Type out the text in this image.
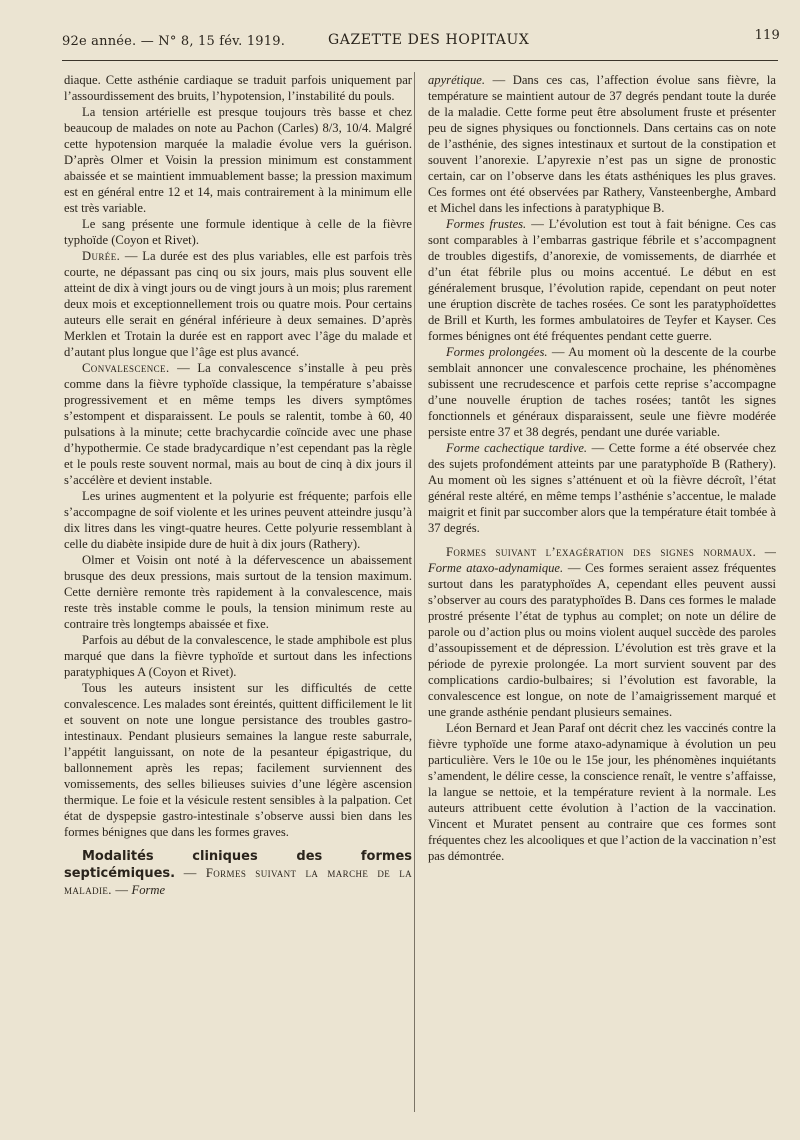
92e année. — N° 8, 15 fév. 1919.	GAZETTE DES HOPITAUX	119

diaque. Cette asthénie cardiaque se traduit parfois uniquement par l’assourdissement des bruits, l’hypotension, l’instabilité du pouls.

La tension artérielle est presque toujours très basse et chez beaucoup de malades on note au Pachon (Carles) 8/3, 10/4. Malgré cette hypotension marquée la maladie évolue vers la guérison. D’après Olmer et Voisin la pression minimum est constamment abaissée et se maintient immuablement basse; la pression maximum est en général entre 12 et 14, mais contrairement à la minimum elle est très variable.

Le sang présente une formule identique à celle de la fièvre typhoïde (Coyon et Rivet).

Durée. — La durée est des plus variables, elle est parfois très courte, ne dépassant pas cinq ou six jours, mais plus souvent elle atteint de dix à vingt jours ou de vingt jours à un mois; plus rarement deux mois et exceptionnellement trois ou quatre mois. Pour certains auteurs elle serait en général inférieure à deux semaines. D’après Merklen et Trotain la durée est en rapport avec l’âge du malade et d’autant plus longue que l’âge est plus avancé.

Convalescence. — La convalescence s’installe à peu près comme dans la fièvre typhoïde classique, la température s’abaisse progressivement et en même temps les divers symptômes s’estompent et disparaissent. Le pouls se ralentit, tombe à 60, 40 pulsations à la minute; cette brachycardie coïncide avec une phase d’hypothermie. Ce stade bradycardique n’est cependant pas la règle et le pouls reste souvent normal, mais au bout de cinq à dix jours il s’accélère et devient instable.

Les urines augmentent et la polyurie est fréquente; parfois elle s’accompagne de soif violente et les urines peuvent atteindre jusqu’à dix litres dans les vingt-quatre heures. Cette polyurie ressemblant à celle du diabète insipide dure de huit à dix jours (Rathery).

Olmer et Voisin ont noté à la défervescence un abaissement brusque des deux pressions, mais surtout de la tension maximum. Cette dernière remonte très rapidement à la convalescence, mais reste très instable comme le pouls, la tension minimum reste au contraire très longtemps abaissée et fixe.

Parfois au début de la convalescence, le stade amphibole est plus marqué que dans la fièvre typhoïde et surtout dans les infections paratyphiques A (Coyon et Rivet).

Tous les auteurs insistent sur les difficultés de cette convalescence. Les malades sont éreintés, quittent difficilement le lit et souvent on note une longue persistance des troubles gastro-intestinaux. Pendant plusieurs semaines la langue reste saburrale, l’appétit languissant, on note de la pesanteur épigastrique, du ballonnement après les repas; facilement surviennent des vomissements, des selles bilieuses suivies d’une légère ascension thermique. Le foie et la vésicule restent sensibles à la palpation. Cet état de dyspepsie gastro-intestinale s’observe aussi bien dans les formes bénignes que dans les formes graves.

Modalités cliniques des formes septicémiques. — Formes suivant la marche de la maladie. — Forme

apyrétique. — Dans ces cas, l’affection évolue sans fièvre, la température se maintient autour de 37 degrés pendant toute la durée de la maladie. Cette forme peut être absolument fruste et présenter peu de signes physiques ou fonctionnels. Dans certains cas on note de l’asthénie, des signes intestinaux et surtout de la constipation et souvent l’anorexie. L’apyrexie n’est pas un signe de pronostic certain, car on l’observe dans les états asthéniques les plus graves. Ces formes ont été observées par Rathery, Vansteenberghe, Ambard et Michel dans les infections à paratyphique B.

Formes frustes. — L’évolution est tout à fait bénigne. Ces cas sont comparables à l’embarras gastrique fébrile et s’accompagnent de troubles digestifs, d’anorexie, de vomissements, de diarrhée et d’un état fébrile plus ou moins accentué. Le début en est généralement brusque, l’évolution rapide, cependant on peut noter une éruption discrète de taches rosées. Ce sont les paratyphoïdettes de Brill et Kurth, les formes ambulatoires de Teyfer et Kayser. Ces formes bénignes ont été fréquentes pendant cette guerre.

Formes prolongées. — Au moment où la descente de la courbe semblait annoncer une convalescence prochaine, les phénomènes subissent une recrudescence et parfois cette reprise s’accompagne d’une nouvelle éruption de taches rosées; tantôt les signes fonctionnels et généraux disparaissent, seule une fièvre modérée persiste entre 37 et 38 degrés, pendant une durée variable.

Forme cachectique tardive. — Cette forme a été observée chez des sujets profondément atteints par une paratyphoïde B (Rathery). Au moment où les signes s’atténuent et où la fièvre décroît, l’état général reste altéré, en même temps l’asthénie s’accentue, le malade maigrit et finit par succomber alors que la température était tombée à 37 degrés.

Formes suivant l’exagération des signes normaux. — Forme ataxo-adynamique. — Ces formes seraient assez fréquentes surtout dans les paratyphoïdes A, cependant elles peuvent aussi s’observer au cours des paratyphoïdes B. Dans ces formes le malade prostré présente l’état de typhus au complet; on note un délire de parole ou d’action plus ou moins violent auquel succède des paroles d’assoupissement et de dépression. L’évolution est très grave et la période de pyrexie prolongée. La mort survient souvent par des complications cardio-bulbaires; si l’évolution est favorable, la convalescence est longue, on note de l’amaigrissement marqué et une grande asthénie pendant plusieurs semaines.

Léon Bernard et Jean Paraf ont décrit chez les vaccinés contre la fièvre typhoïde une forme ataxo-adynamique à évolution un peu particulière. Vers le 10e ou le 15e jour, les phénomènes inquiétants s’amendent, le délire cesse, la conscience renaît, le ventre s’affaisse, la langue se nettoie, et la température revient à la normale. Les auteurs attribuent cette évolution à l’action de la vaccination. Vincent et Muratet pensent au contraire que ces formes sont fréquentes chez les alcooliques et que l’action de la vaccination n’est pas démontrée.
